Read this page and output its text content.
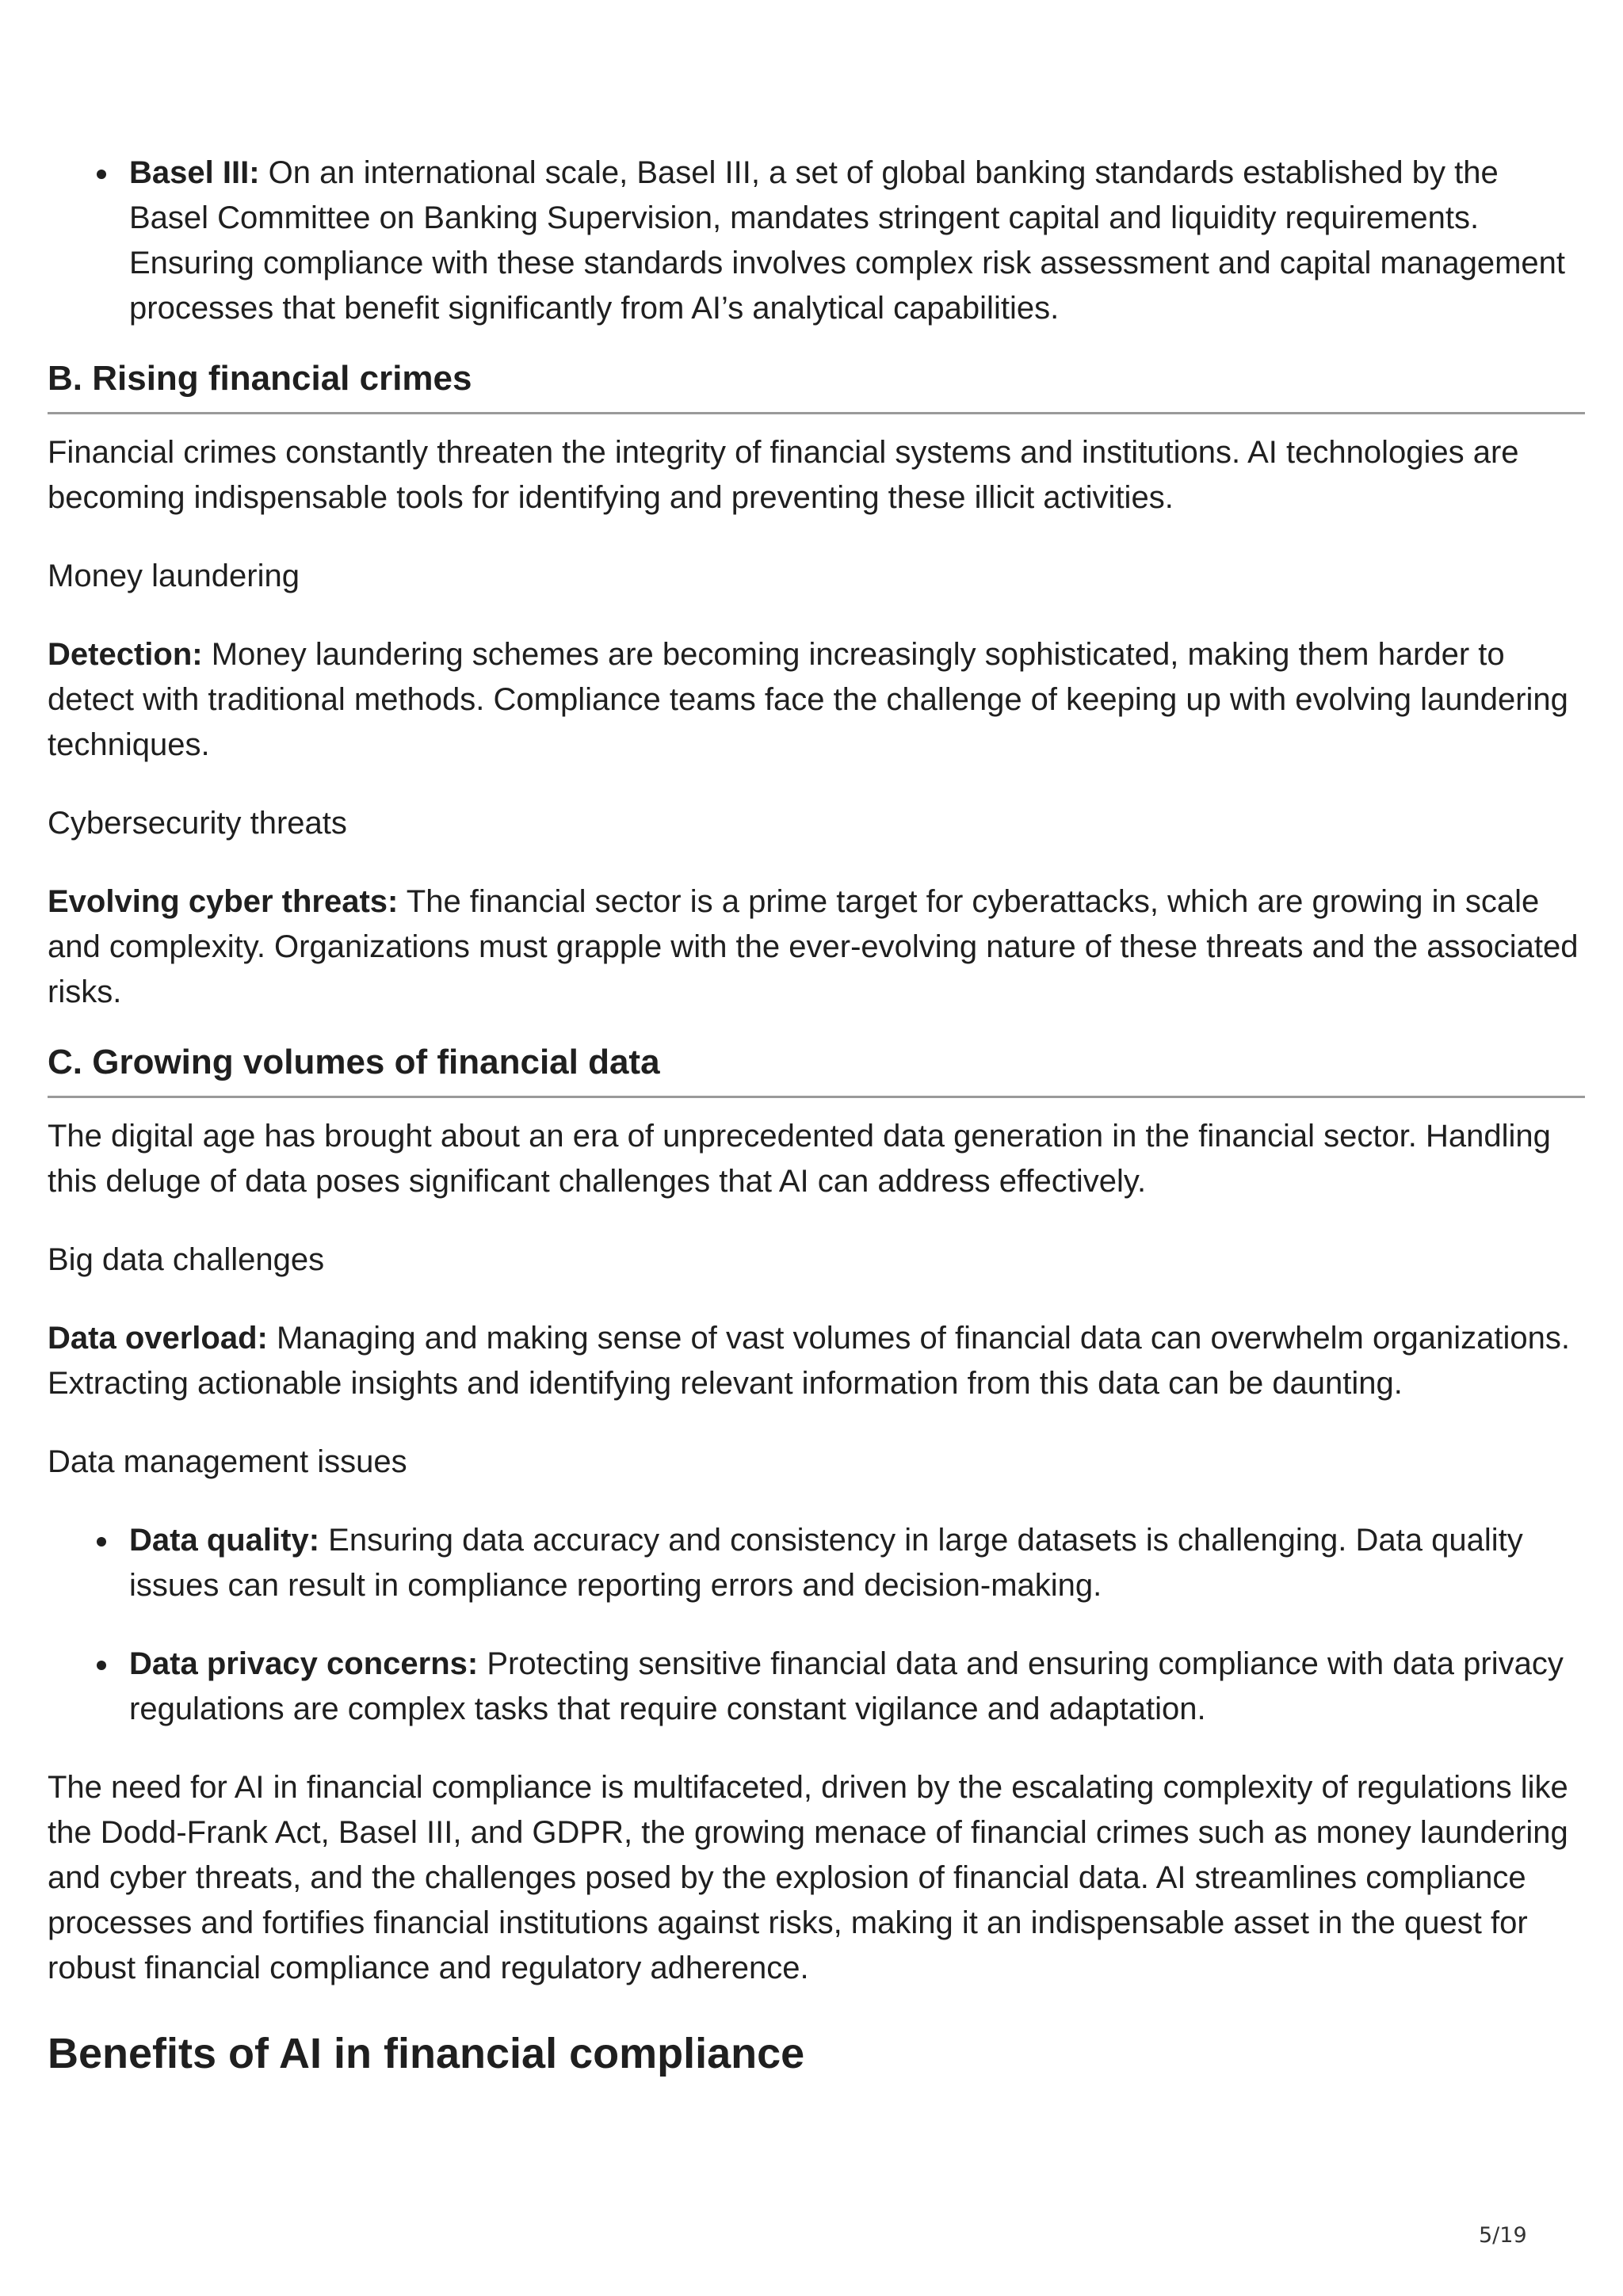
Basel III: On an international scale, Basel III, a set of global banking standards established by the Basel Committee on Banking Supervision, mandates stringent capital and liquidity requirements. Ensuring compliance with these standards involves complex risk assessment and capital management processes that benefit significantly from AI’s analytical capabilities.
B. Rising financial crimes

Financial crimes constantly threaten the integrity of financial systems and institutions. AI technologies are becoming indispensable tools for identifying and preventing these illicit activities.

Money laundering

Detection: Money laundering schemes are becoming increasingly sophisticated, making them harder to detect with traditional methods. Compliance teams face the challenge of keeping up with evolving laundering techniques.

Cybersecurity threats

Evolving cyber threats: The financial sector is a prime target for cyberattacks, which are growing in scale and complexity. Organizations must grapple with the ever-evolving nature of these threats and the associated risks.

C. Growing volumes of financial data

The digital age has brought about an era of unprecedented data generation in the financial sector. Handling this deluge of data poses significant challenges that AI can address effectively.

Big data challenges

Data overload: Managing and making sense of vast volumes of financial data can overwhelm organizations. Extracting actionable insights and identifying relevant information from this data can be daunting.

Data management issues

Data quality: Ensuring data accuracy and consistency in large datasets is challenging. Data quality issues can result in compliance reporting errors and decision-making.
Data privacy concerns: Protecting sensitive financial data and ensuring compliance with data privacy regulations are complex tasks that require constant vigilance and adaptation.

The need for AI in financial compliance is multifaceted, driven by the escalating complexity of regulations like the Dodd-Frank Act, Basel III, and GDPR, the growing menace of financial crimes such as money laundering and cyber threats, and the challenges posed by the explosion of financial data. AI streamlines compliance processes and fortifies financial institutions against risks, making it an indispensable asset in the quest for robust financial compliance and regulatory adherence.

Benefits of AI in financial compliance
5/19
